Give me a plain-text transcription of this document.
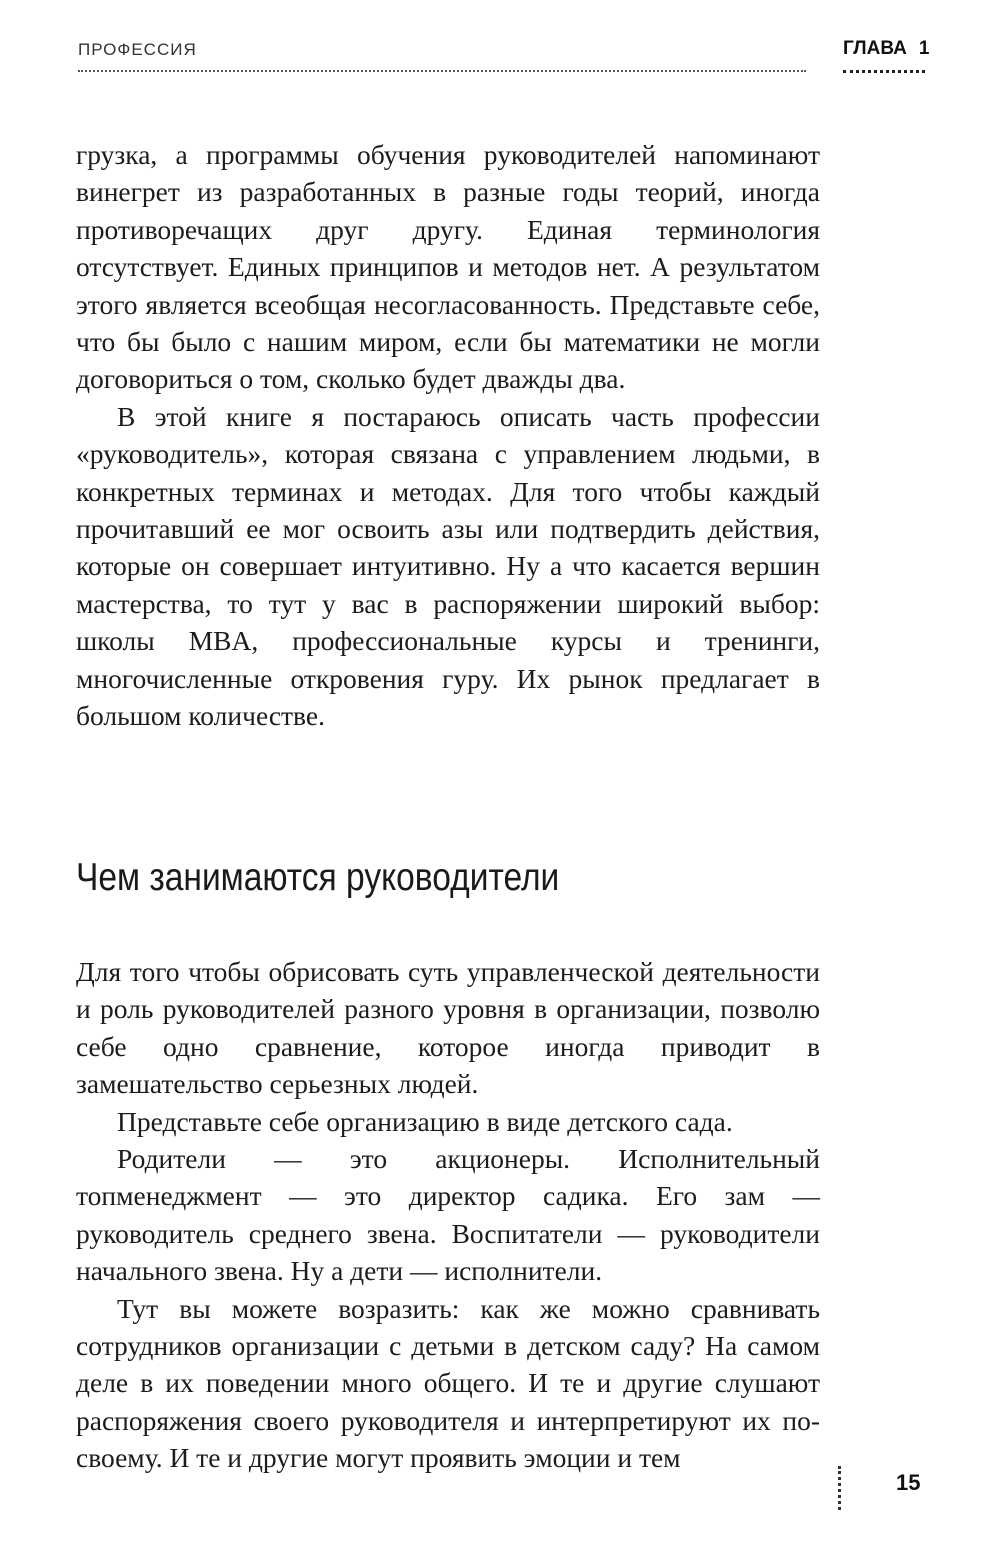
ПРОФЕССИЯ	ГЛАВА 1

грузка, а программы обучения руководителей напоминают винегрет из разработанных в разные годы теорий, иногда противоречащих друг другу. Единая терминология отсутствует. Единых принципов и методов нет. А результатом этого является всеобщая несогласованность. Представьте себе, что бы было с нашим миром, если бы математики не могли договориться о том, сколько будет дважды два.

В этой книге я постараюсь описать часть профессии «руководитель», которая связана с управлением людьми, в конкретных терминах и методах. Для того чтобы каждый прочитавший ее мог освоить азы или подтвердить действия, которые он совершает интуитивно. Ну а что касается вершин мастерства, то тут у вас в распоряжении широкий выбор: школы MBA, профессиональные курсы и тренинги, многочисленные откровения гуру. Их рынок предлагает в большом количестве.

Чем занимаются руководители

Для того чтобы обрисовать суть управленческой деятельности и роль руководителей разного уровня в организации, позволю себе одно сравнение, которое иногда приводит в замешательство серьезных людей.

Представьте себе организацию в виде детского сада.

Родители — это акционеры. Исполнительный топменеджмент — это директор садика. Его зам — руководитель среднего звена. Воспитатели — руководители начального звена. Ну а дети — исполнители.

Тут вы можете возразить: как же можно сравнивать сотрудников организации с детьми в детском саду? На самом деле в их поведении много общего. И те и другие слушают распоряжения своего руководителя и интерпретируют их по-своему. И те и другие могут проявить эмоции и тем

15
